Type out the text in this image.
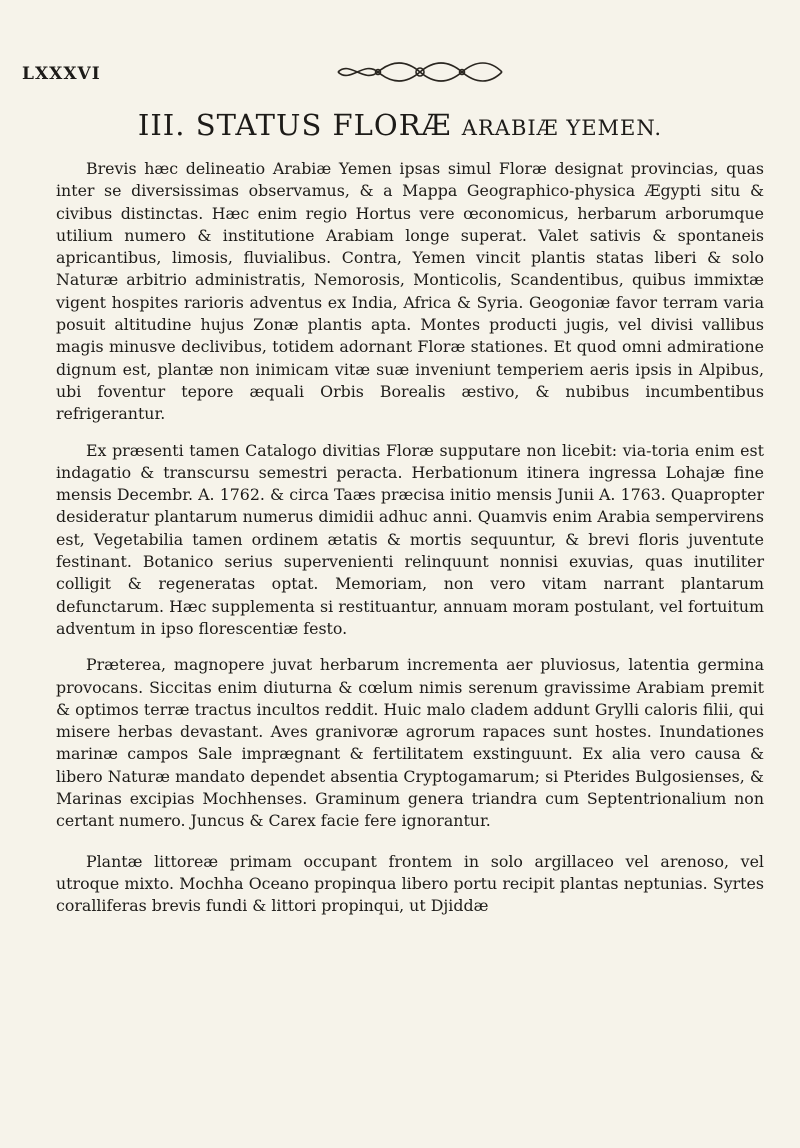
LXXXVI
III. STATUS FLORÆ ARABIÆ YEMEN.

Brevis hæc delineatio Arabiæ Yemen ipsas simul Floræ designat provincias, quas inter se diversissimas observamus, & a Mappa Geographico-physica Ægypti situ & civibus distinctas. Hæc enim regio Hortus vere œconomicus, herbarum arborumque utilium numero & institutione Arabiam longe superat. Valet sativis & spontaneis apricantibus, limosis, fluvialibus. Contra, Yemen vincit plantis statas liberi & solo Naturæ arbitrio administratis, Nemorosis, Monticolis, Scandentibus, quibus immixtæ vigent hospites rarioris adventus ex India, Africa & Syria. Geogoniæ favor terram varia posuit altitudine hujus Zonæ plantis apta. Montes producti jugis, vel divisi vallibus magis minusve declivibus, totidem adornant Floræ stationes. Et quod omni admiratione dignum est, plantæ non inimicam vitæ suæ inveniunt temperiem aeris ipsis in Alpibus, ubi foventur tepore æquali Orbis Borealis æstivo, & nubibus incumbentibus refrigerantur.

Ex præsenti tamen Catalogo divitias Floræ supputare non licebit: via-toria enim est indagatio & transcursu semestri peracta. Herbationum itinera ingressa Lohajæ fine mensis Decembr. A. 1762. & circa Taæs præcisa initio mensis Junii A. 1763. Quapropter desideratur plantarum numerus dimidii adhuc anni. Quamvis enim Arabia sempervirens est, Vegetabilia tamen ordinem ætatis & mortis sequuntur, & brevi floris juventute festinant. Botanico serius supervenienti relinquunt nonnisi exuvias, quas inutiliter colligit & regeneratas optat. Memoriam, non vero vitam narrant plantarum defunctarum. Hæc supplementa si restituantur, annuam moram postulant, vel fortuitum adventum in ipso florescentiæ festo.

Præterea, magnopere juvat herbarum incrementa aer pluviosus, latentia germina provocans. Siccitas enim diuturna & cœlum nimis serenum gravissime Arabiam premit & optimos terræ tractus incultos reddit. Huic malo cladem addunt Grylli caloris filii, qui misere herbas devastant. Aves granivoræ agrorum rapaces sunt hostes. Inundationes marinæ campos Sale imprægnant & fertilitatem exstinguunt. Ex alia vero causa & libero Naturæ mandato dependet absentia Cryptogamarum; si Pterides Bulgosienses, & Marinas excipias Mochhenses. Graminum genera triandra cum Septentrionalium non certant numero. Juncus & Carex facie fere ignorantur.

Plantæ littoreæ primam occupant frontem in solo argillaceo vel arenoso, vel utroque mixto. Mochha Oceano propinqua libero portu recipit plantas neptunias. Syrtes coralliferas brevis fundi & littori propinqui, ut Djiddæ
